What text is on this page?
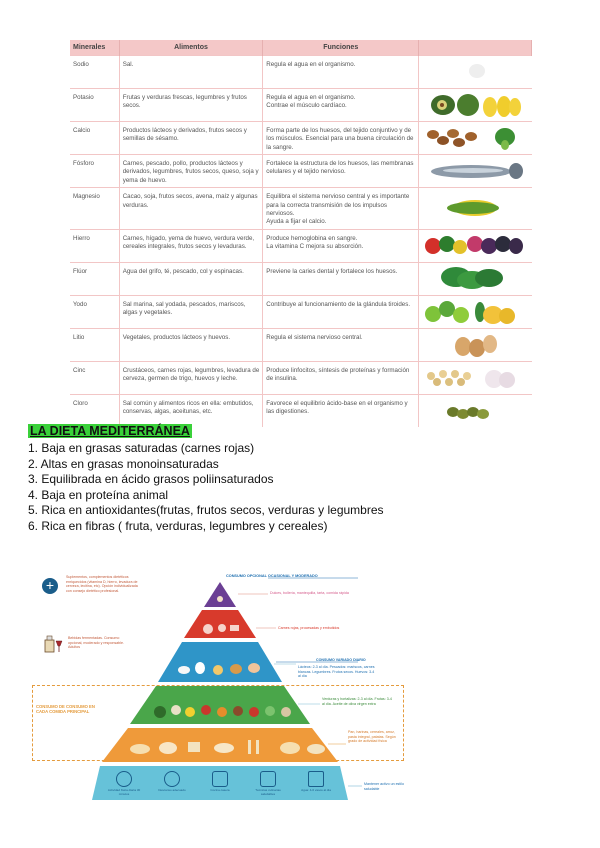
Minerales	Alimentos	Funciones	
Sodio	Sal.	Regula el agua en el organismo.	

Potasio	Frutas y verduras frescas, legumbres y frutos secos.	Regula el agua en el organismo.
Contrae el músculo cardíaco.	

Calcio	Productos lácteos y derivados, frutos secos y semillas de sésamo.	Forma parte de los huesos, del tejido conjuntivo y de los músculos. Esencial para una buena circulación de la sangre.	

Fósforo	Carnes, pescado, pollo, productos lácteos y derivados, legumbres, frutos secos, queso, soja y yema de huevo.	Fortalece la estructura de los huesos, las membranas celulares y el tejido nervioso.	

Magnesio	Cacao, soja, frutos secos, avena, maíz y algunas verduras.	Equilibra el sistema nervioso central y es importante para la correcta transmisión de los impulsos nerviosos.
Ayuda a fijar el calcio.	

Hierro	Carnes, hígado, yema de huevo, verdura verde, cereales integrales, frutos secos y levaduras.	Produce hemoglobina en sangre.
La vitamina C mejora su absorción.	

Flúor	Agua del grifo, té, pescado, col y espinacas.	Previene la caries dental y fortalece los huesos.	

Yodo	Sal marina, sal yodada, pescados, mariscos, algas y vegetales.	Contribuye al funcionamiento de la glándula tiroides.	

Litio	Vegetales, productos lácteos y huevos.	Regula el sistema nervioso central.	

Cinc	Crustáceos, carnes rojas, legumbres, levadura de cerveza, germen de trigo, huevos y leche.	Produce linfocitos, síntesis de proteínas y formación de insulina.	

Cloro	Sal común y alimentos ricos en ella: embutidos, conservas, algas, aceitunas, etc.	Favorece el equilibrio ácido-base en el organismo y las digestiones.	
LA DIETA MEDITERRÁNEA
1. Baja en grasas saturadas (carnes rojas)
2. Altas en grasas monoinsaturadas
3. Equilibrada en ácido grasos poliinsaturados
4. Baja en proteína animal
5. Rica en antioxidantes(frutas, frutos secos, verduras y legumbres
6. Rica en fibras ( fruta, verduras, legumbres y cereales)
+	Suplementos, complementos dietéticos enriquecidos (vitamina D, hierro, levadura de cerveza, lecitina, etc). Opción individualizada con consejo dietético profesional.
Bebidas fermentadas. Consumo opcional, moderado y responsable. Adultos
CONSUMO DE CONSUMO EN CADA COMIDA PRINCIPAL
CONSUMO OPCIONAL OCASIONAL Y MODERADO
Dulces, bollería, mantequilla, tarta, comida rápida
Carnes rojas, procesadas y embutidos
CONSUMO VARIADO DIARIO
Lácteos: 2-3 al día. Pescados: mariscos, carnes blancas. Legumbres. Frutos secos. Huevos: 3-4 al día
Verduras y hortalizas: 2-3 al día. Frutas: 3-4 al día. Aceite de oliva virgen extra
Pan, harinas, cereales, arroz, pasta integral, patatas. Según grado de actividad física
Mantener activo un estilo saludable
Actividad física diaria 30 minutos
Descanso adecuado	Cocina casera	Técnicas culinarias saludables
Agua: 4-6 vasos al día
